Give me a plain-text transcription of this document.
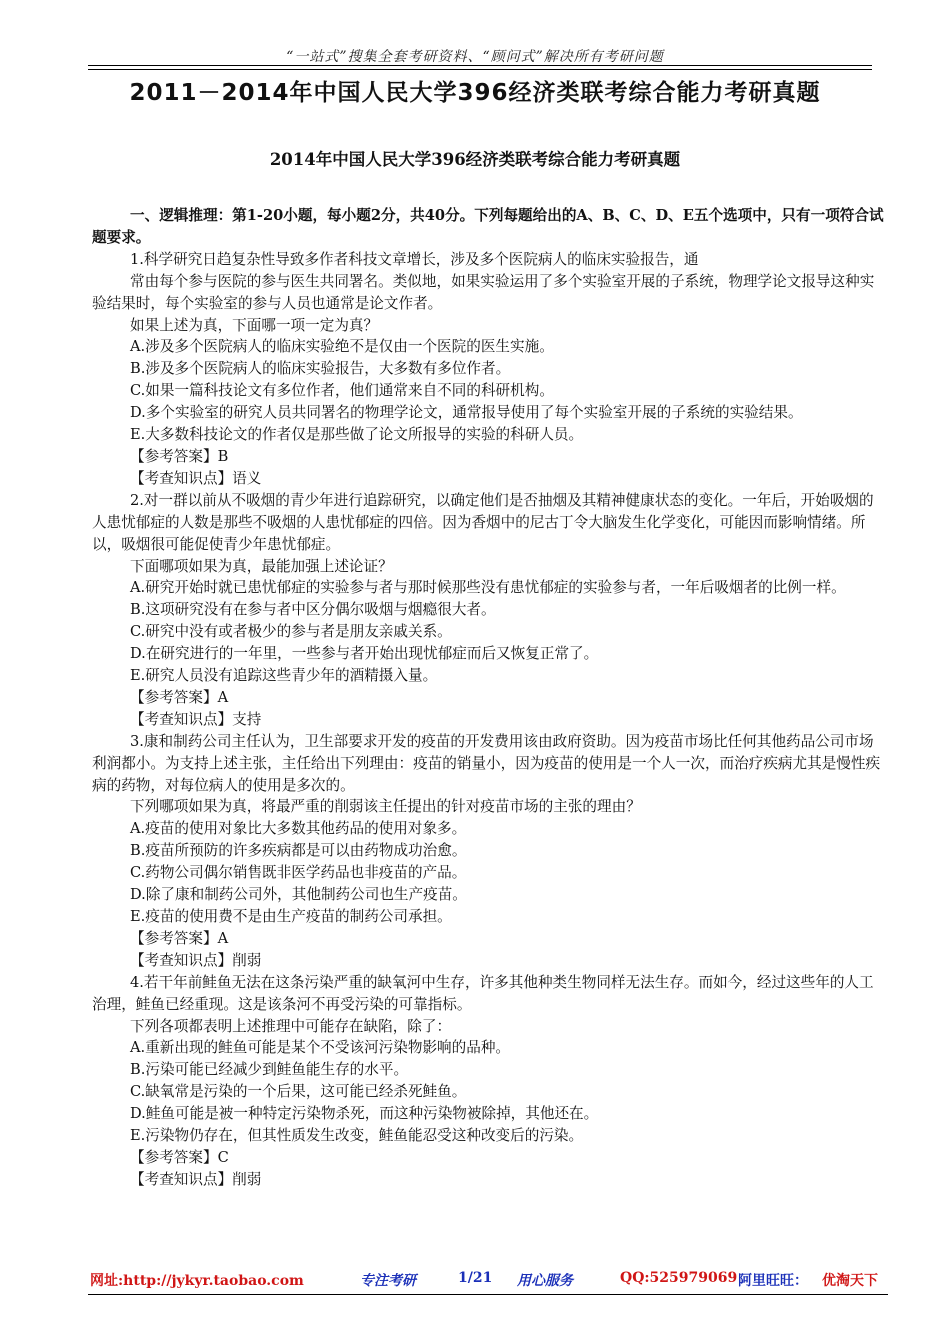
“一站式”搜集全套考研资料、“顾问式”解决所有考研问题
2011－2014年中国人民大学396经济类联考综合能力考研真题
2014年中国人民大学396经济类联考综合能力考研真题

一、逻辑推理：第1-20小题，每小题2分，共40分。下列每题给出的A、B、C、D、E五个选项中，只有一项符合试题要求。

1.科学研究日趋复杂性导致多作者科技文章增长，涉及多个医院病人的临床实验报告，通

常由每个参与医院的参与医生共同署名。类似地，如果实验运用了多个实验室开展的子系统，物理学论文报导这种实验结果时，每个实验室的参与人员也通常是论文作者。

如果上述为真，下面哪一项一定为真？

A.涉及多个医院病人的临床实验绝不是仅由一个医院的医生实施。

B.涉及多个医院病人的临床实验报告，大多数有多位作者。

C.如果一篇科技论文有多位作者，他们通常来自不同的科研机构。

D.多个实验室的研究人员共同署名的物理学论文，通常报导使用了每个实验室开展的子系统的实验结果。

E.大多数科技论文的作者仅是那些做了论文所报导的实验的科研人员。

【参考答案】B

【考查知识点】语义

2.对一群以前从不吸烟的青少年进行追踪研究，以确定他们是否抽烟及其精神健康状态的变化。一年后，开始吸烟的人患忧郁症的人数是那些不吸烟的人患忧郁症的四倍。因为香烟中的尼古丁令大脑发生化学变化，可能因而影响情绪。所以，吸烟很可能促使青少年患忧郁症。

下面哪项如果为真，最能加强上述论证？

A.研究开始时就已患忧郁症的实验参与者与那时候那些没有患忧郁症的实验参与者，一年后吸烟者的比例一样。

B.这项研究没有在参与者中区分偶尔吸烟与烟瘾很大者。

C.研究中没有或者极少的参与者是朋友亲戚关系。

D.在研究进行的一年里，一些参与者开始出现忧郁症而后又恢复正常了。

E.研究人员没有追踪这些青少年的酒精摄入量。

【参考答案】A

【考查知识点】支持

3.康和制药公司主任认为，卫生部要求开发的疫苗的开发费用该由政府资助。因为疫苗市场比任何其他药品公司市场利润都小。为支持上述主张，主任给出下列理由：疫苗的销量小，因为疫苗的使用是一个人一次，而治疗疾病尤其是慢性疾病的药物，对每位病人的使用是多次的。

下列哪项如果为真，将最严重的削弱该主任提出的针对疫苗市场的主张的理由？

A.疫苗的使用对象比大多数其他药品的使用对象多。

B.疫苗所预防的许多疾病都是可以由药物成功治愈。

C.药物公司偶尔销售既非医学药品也非疫苗的产品。

D.除了康和制药公司外，其他制药公司也生产疫苗。

E.疫苗的使用费不是由生产疫苗的制药公司承担。

【参考答案】A

【考查知识点】削弱

4.若干年前鲑鱼无法在这条污染严重的缺氧河中生存，许多其他种类生物同样无法生存。而如今，经过这些年的人工治理，鲑鱼已经重现。这是该条河不再受污染的可靠指标。

下列各项都表明上述推理中可能存在缺陷，除了：

A.重新出现的鲑鱼可能是某个不受该河污染物影响的品种。

B.污染可能已经减少到鲑鱼能生存的水平。

C.缺氧常是污染的一个后果，这可能已经杀死鲑鱼。

D.鲑鱼可能是被一种特定污染物杀死，而这种污染物被除掉，其他还在。

E.污染物仍存在，但其性质发生改变，鲑鱼能忍受这种改变后的污染。

【参考答案】C

【考查知识点】削弱

网址:http://jykyr.taobao.com	专注考研	1/21 用心服务	QQ:525979069 阿里旺旺： 优淘天下
